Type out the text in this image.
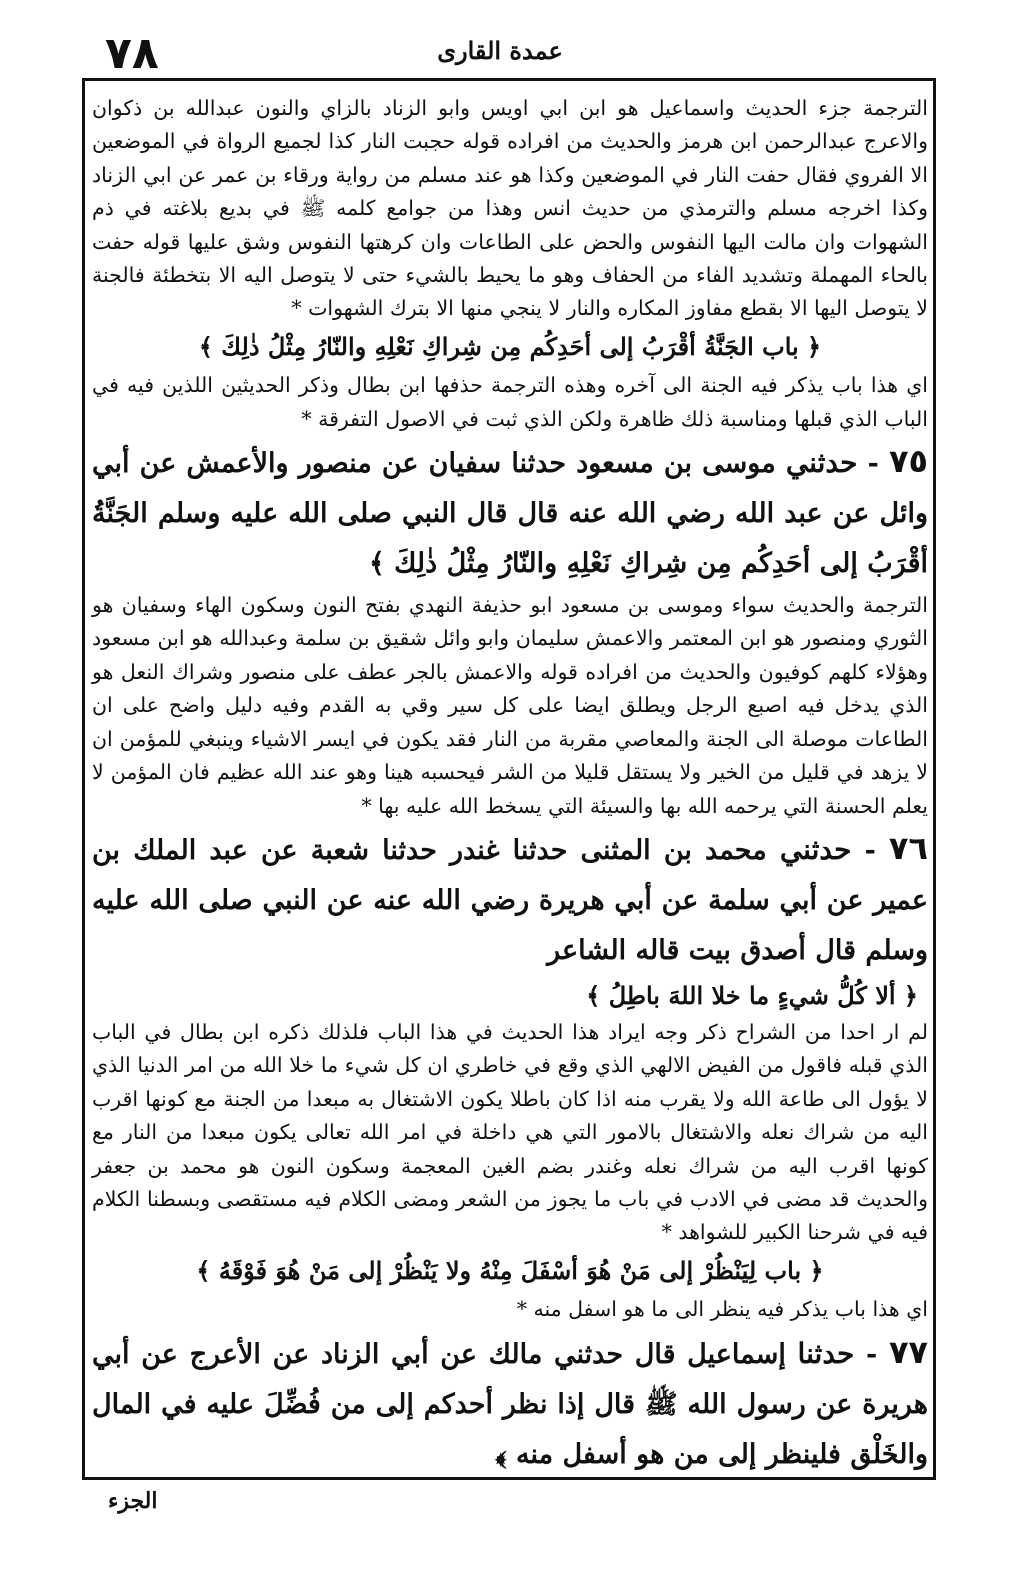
٧٨	عمدة القاری

الترجمة جزء الحديث واسماعيل هو ابن ابي اويس وابو الزناد بالزاي والنون عبدالله بن ذكوان والاعرج عبدالرحمن ابن هرمز والحديث من افراده قوله حجبت النار كذا لجميع الرواة في الموضعين الا الفروي فقال حفت النار في الموضعين وكذا هو عند مسلم من رواية ورقاء بن عمر عن ابي الزناد وكذا اخرجه مسلم والترمذي من حديث انس وهذا من جوامع كلمه ﷺ في بديع بلاغته في ذم الشهوات وان مالت اليها النفوس والحض على الطاعات وان كرهتها النفوس وشق عليها قوله حفت بالحاء المهملة وتشديد الفاء من الحفاف وهو ما يحيط بالشيء حتى لا يتوصل اليه الا بتخطئة فالجنة لا يتوصل اليها الا بقطع مفاوز المكاره والنار لا ينجي منها الا بترك الشهوات *

﴿ باب الجَنَّةُ أقْرَبُ إلى أحَدِكُم مِن شِراكِ نَعْلِهِ والنّارُ مِثْلُ ذٰلِكَ ﴾

اي هذا باب يذكر فيه الجنة الى آخره وهذه الترجمة حذفها ابن بطال وذكر الحديثين اللذين فيه في الباب الذي قبلها ومناسبة ذلك ظاهرة ولكن الذي ثبت في الاصول التفرقة *

٧٥ - حدثني موسى بن مسعود حدثنا سفيان عن منصور والأعمش عن أبي وائل عن عبد الله رضي الله عنه قال قال النبي صلى الله عليه وسلم الجَنَّةُ أقْرَبُ إلى أحَدِكُم مِن شِراكِ نَعْلِهِ والنّارُ مِثْلُ ذٰلِكَ ﴾

الترجمة والحديث سواء وموسى بن مسعود ابو حذيفة النهدي بفتح النون وسكون الهاء وسفيان هو الثوري ومنصور هو ابن المعتمر والاعمش سليمان وابو وائل شقيق بن سلمة وعبدالله هو ابن مسعود وهؤلاء كلهم كوفيون والحديث من افراده قوله والاعمش بالجر عطف على منصور وشراك النعل هو الذي يدخل فيه اصبع الرجل ويطلق ايضا على كل سير وقي به القدم وفيه دليل واضح على ان الطاعات موصلة الى الجنة والمعاصي مقربة من النار فقد يكون في ايسر الاشياء وينبغي للمؤمن ان لا يزهد في قليل من الخير ولا يستقل قليلا من الشر فيحسبه هينا وهو عند الله عظيم فان المؤمن لا يعلم الحسنة التي يرحمه الله بها والسيئة التي يسخط الله عليه بها *

٧٦ - حدثني محمد بن المثنى حدثنا غندر حدثنا شعبة عن عبد الملك بن عمير عن أبي سلمة عن أبي هريرة رضي الله عنه عن النبي صلى الله عليه وسلم قال أصدق بيت قاله الشاعر

﴿ ألا كُلُّ شيءٍ ما خلا اللهَ باطِلُ ﴾

لم ار احدا من الشراح ذكر وجه ايراد هذا الحديث في هذا الباب فلذلك ذكره ابن بطال في الباب الذي قبله فاقول من الفيض الالهي الذي وقع في خاطري ان كل شيء ما خلا الله من امر الدنيا الذي لا يؤول الى طاعة الله ولا يقرب منه اذا كان باطلا يكون الاشتغال به مبعدا من الجنة مع كونها اقرب اليه من شراك نعله والاشتغال بالامور التي هي داخلة في امر الله تعالى يكون مبعدا من النار مع كونها اقرب اليه من شراك نعله وغندر بضم الغين المعجمة وسكون النون هو محمد بن جعفر والحديث قد مضى في الادب في باب ما يجوز من الشعر ومضى الكلام فيه مستقصى وبسطنا الكلام فيه في شرحنا الكبير للشواهد *

﴿ باب لِيَنْظُرْ إلى مَنْ هُوَ أسْفَلَ مِنْهُ ولا يَنْظُرْ إلى مَنْ هُوَ فَوْقَهُ ﴾

اي هذا باب يذكر فيه ينظر الى ما هو اسفل منه *

٧٧ - حدثنا إسماعيل قال حدثني مالك عن أبي الزناد عن الأعرج عن أبي هريرة عن رسول الله ﷺ قال إذا نظر أحدكم إلى من فُضِّلَ عليه في المال والخَلْق فلينظر إلى من هو أسفل منه ﴾

الجزء
